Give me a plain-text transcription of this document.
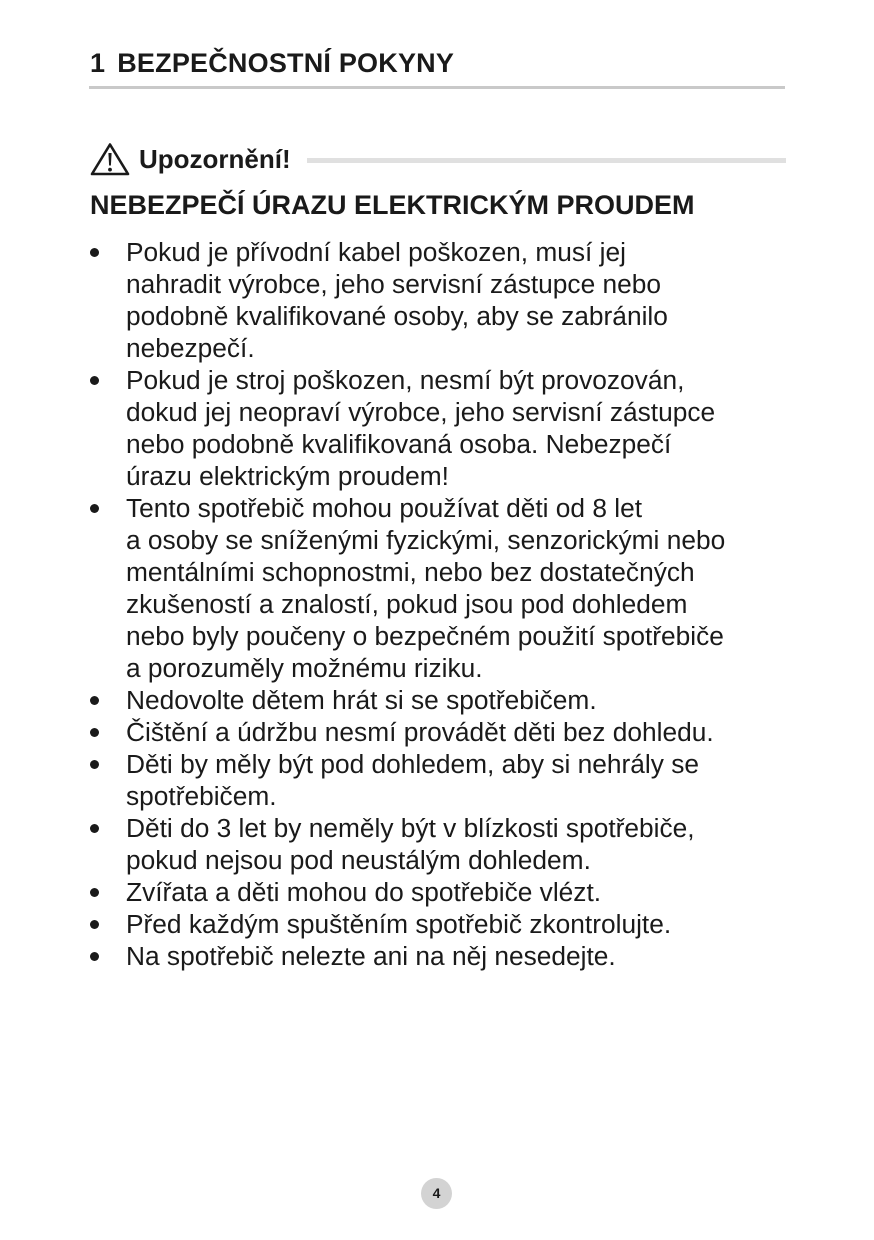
1 BEZPEČNOSTNÍ POKYNY
Upozornění!
NEBEZPEČÍ ÚRAZU ELEKTRICKÝM PROUDEM
Pokud je přívodní kabel poškozen, musí jej
nahradit výrobce, jeho servisní zástupce nebo
podobně kvalifikované osoby, aby se zabránilo
nebezpečí.
Pokud je stroj poškozen, nesmí být provozován,
dokud jej neopraví výrobce, jeho servisní zástupce
nebo podobně kvalifikovaná osoba. Nebezpečí
úrazu elektrickým proudem!
Tento spotřebič mohou používat děti od 8 let
a osoby se sníženými fyzickými, senzorickými nebo
mentálními schopnostmi, nebo bez dostatečných
zkušeností a znalostí, pokud jsou pod dohledem
nebo byly poučeny o bezpečném použití spotřebiče
a porozuměly možnému riziku.
Nedovolte dětem hrát si se spotřebičem.
Čištění a údržbu nesmí provádět děti bez dohledu.
Děti by měly být pod dohledem, aby si nehrály se
spotřebičem.
Děti do 3 let by neměly být v blízkosti spotřebiče,
pokud nejsou pod neustálým dohledem.
Zvířata a děti mohou do spotřebiče vlézt.
Před každým spuštěním spotřebič zkontrolujte.
Na spotřebič nelezte ani na něj nesedejte.
4
